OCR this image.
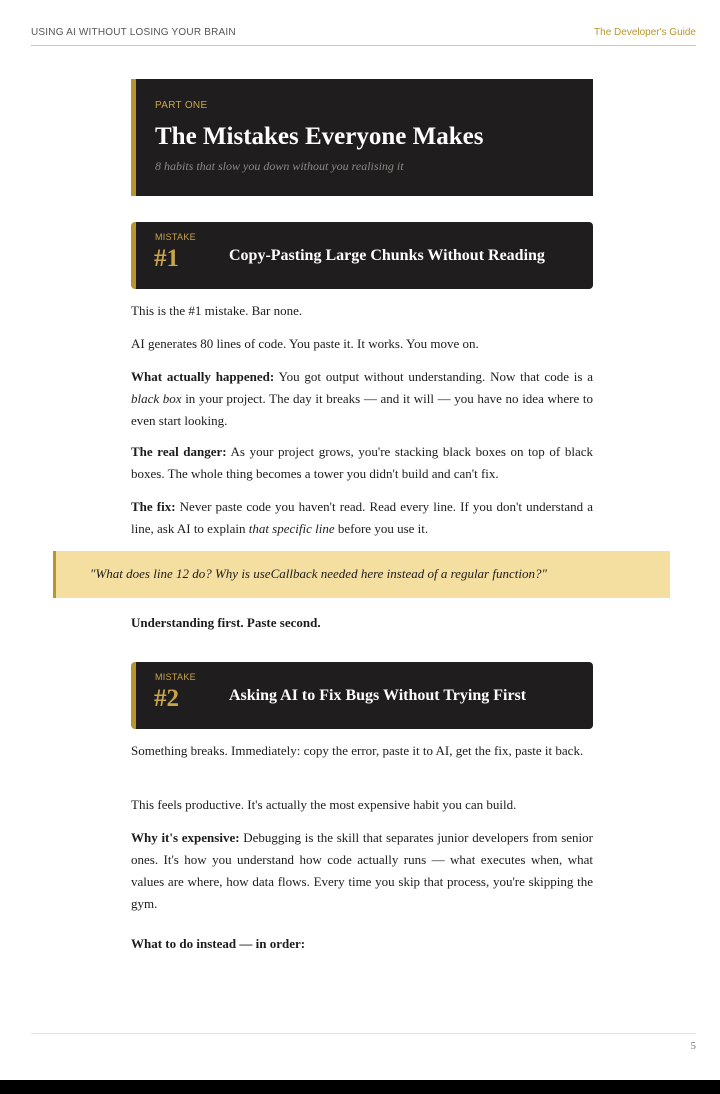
USING AI WITHOUT LOSING YOUR BRAIN	The Developer's Guide
PART ONE
The Mistakes Everyone Makes
8 habits that slow you down without you realising it
MISTAKE
#1	Copy-Pasting Large Chunks Without Reading

This is the #1 mistake. Bar none.

AI generates 80 lines of code. You paste it. It works. You move on.

What actually happened: You got output without understanding. Now that code is a black box in your project. The day it breaks — and it will — you have no idea where to even start looking.

The real danger: As your project grows, you're stacking black boxes on top of black boxes. The whole thing becomes a tower you didn't build and can't fix.

The fix: Never paste code you haven't read. Read every line. If you don't understand a line, ask AI to explain that specific line before you use it.

"What does line 12 do? Why is useCallback needed here instead of a regular function?"

Understanding first. Paste second.

MISTAKE
#2	Asking AI to Fix Bugs Without Trying First

Something breaks. Immediately: copy the error, paste it to AI, get the fix, paste it back.

This feels productive. It's actually the most expensive habit you can build.

Why it's expensive: Debugging is the skill that separates junior developers from senior ones. It's how you understand how code actually runs — what executes when, what values are where, how data flows. Every time you skip that process, you're skipping the gym.

What to do instead — in order:

5
